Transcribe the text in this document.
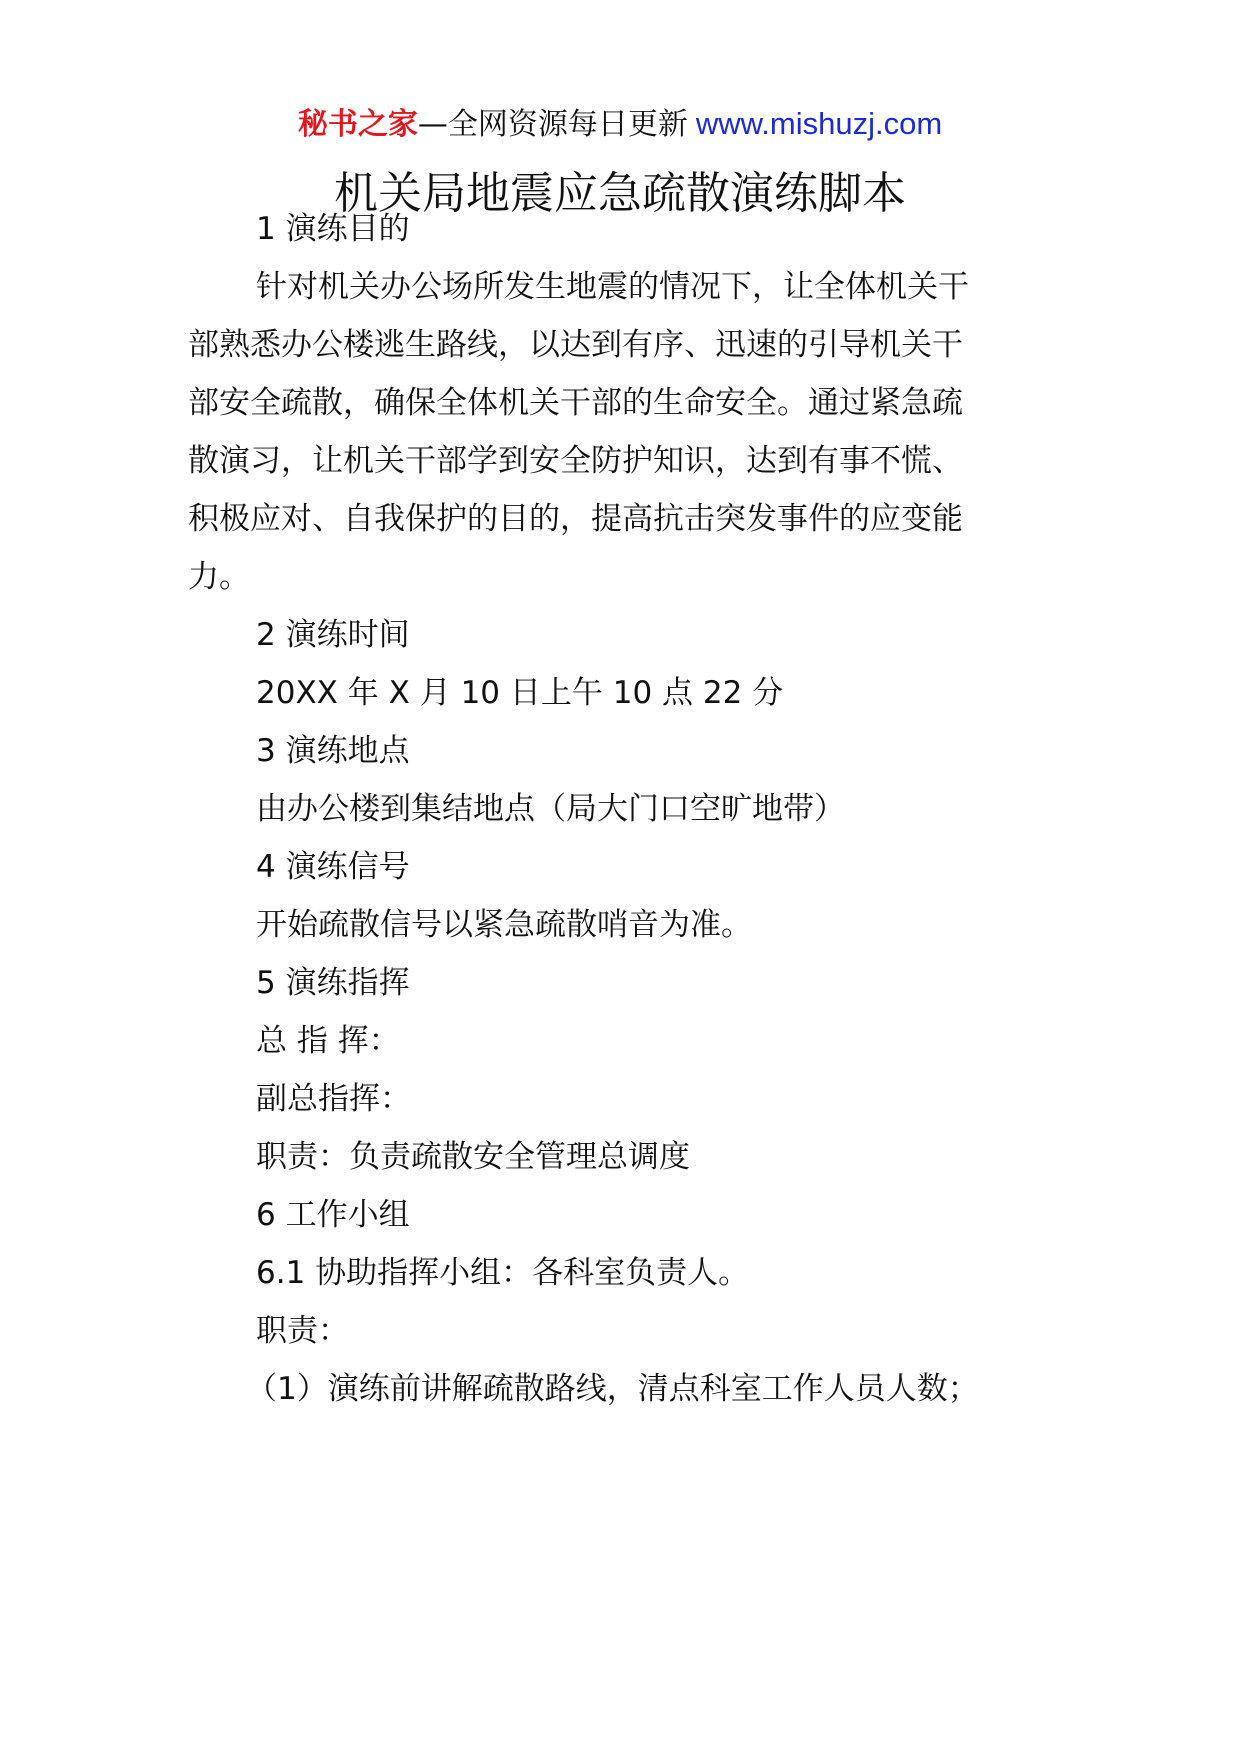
秘书之家—全网资源每日更新 www.mishuzj.com
机关局地震应急疏散演练脚本
1 演练目的
针对机关办公场所发生地震的情况下，让全体机关干
部熟悉办公楼逃生路线，以达到有序、迅速的引导机关干
部安全疏散，确保全体机关干部的生命安全。通过紧急疏
散演习，让机关干部学到安全防护知识，达到有事不慌、
积极应对、自我保护的目的，提高抗击突发事件的应变能
力。
2 演练时间
20XX 年 X 月 10 日上午 10 点 22 分
3 演练地点
由办公楼到集结地点（局大门口空旷地带）
4 演练信号
开始疏散信号以紧急疏散哨音为准。
5 演练指挥
总 指 挥：
副总指挥：
职责：负责疏散安全管理总调度
6 工作小组
6.1 协助指挥小组：各科室负责人。
职责：
（1）演练前讲解疏散路线，清点科室工作人员人数；
